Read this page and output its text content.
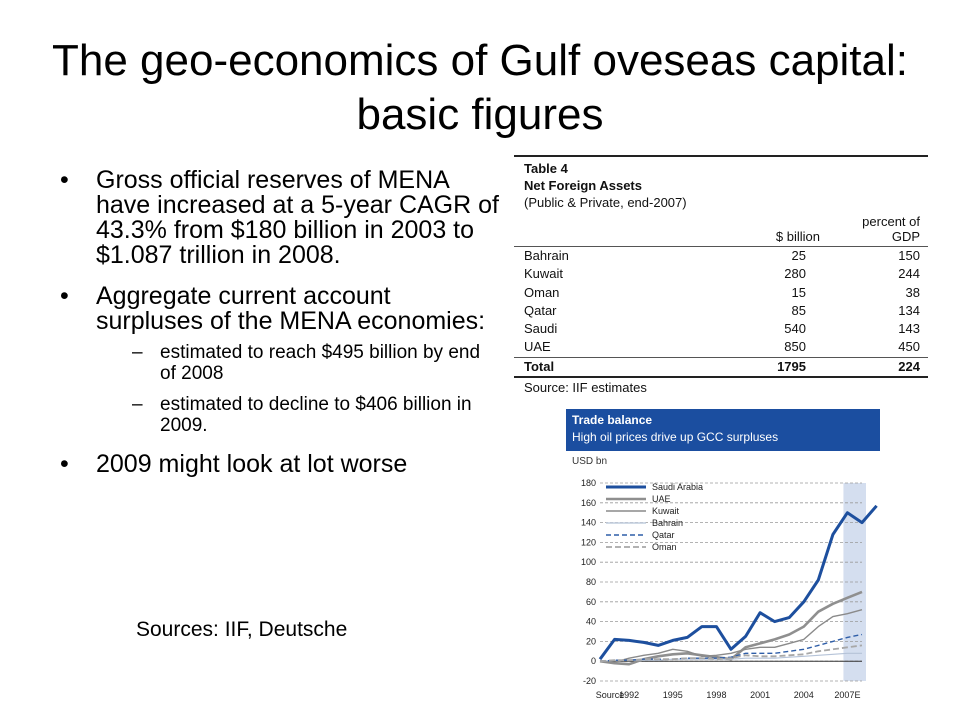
The geo-economics of Gulf oveseas capital: basic figures
• Gross official reserves of MENA have increased at a 5-year CAGR of 43.3% from $180 billion in 2003 to $1.087 trillion in 2008.
• Aggregate current account surpluses of the MENA economies:
– estimated to reach $495 billion by end of 2008
– estimated to decline to $406 billion in 2009.
• 2009 might look at lot worse
Sources: IIF, Deutsche
Table 4
Net Foreign Assets
(Public & Private, end-2007)
$ billion
percent of
GDP
Bahrain	25	150
Kuwait	280	244
Oman	15	38
Qatar	85	134
Saudi	540	143
UAE	850	450
Total	1795	224
Source: IIF estimates
Trade balance
High oil prices drive up GCC surpluses
USD bn
-20
0
20
40
60
80
100
120
140
160
180
Source
1992	1995	1998	2001	2004 2007E
Saudi Arabia
UAE
Kuwait
Bahrain
Qatar
Oman
